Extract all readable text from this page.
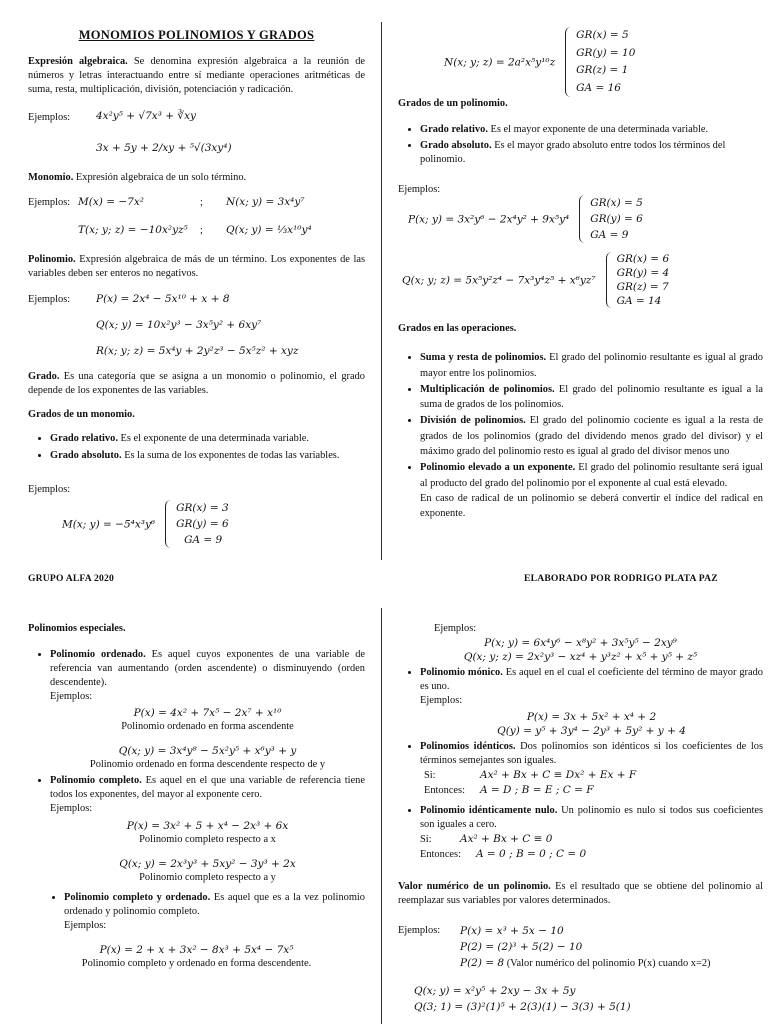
MONOMIOS POLINOMIOS Y GRADOS

Expresión algebraica. Se denomina expresión algebraica a la reunión de números y letras interactuando entre sí mediante operaciones aritméticas de suma, resta, multiplicación, división, potenciación y radicación.

Ejemplos: 4x²y⁵ + √7x³ + ∛xy
3x + 5y + 2/xy + ⁵√(3xy⁴)

Monomio. Expresión algebraica de un solo término.

Ejemplos: M(x) = −7x²	; N(x; y) = 3x⁴y⁷
T(x; y; z) = −10x²yz⁵ ; Q(x; y) = ⅓x¹⁰y⁴

Polinomio. Expresión algebraica de más de un término. Los exponentes de las variables deben ser enteros no negativos.

Ejemplos: P(x) = 2x⁴ − 5x¹⁰ + x + 8
Q(x; y) = 10x²y³ − 3x⁵y² + 6xy⁷
R(x; y; z) = 5x⁴y + 2y²z³ − 5x⁵z² + xyz

Grado. Es una categoría que se asigna a un monomio o polinomio, el grado depende de los exponentes de las variables.

Grados de un monomio.

• Grado relativo. Es el exponente de una determinada variable.
• Grado absoluto. Es la suma de los exponentes de todas las variables.
Ejemplos:
M(x; y) = −5⁴x³y⁶
GR(x) = 3
GR(y) = 6
GA = 9
N(x; y; z) = 2a²x⁵y¹⁰z
GR(x) = 5
GR(y) = 10
GR(z) = 1
GA = 16

Grados de un polinomio.

• Grado relativo. Es el mayor exponente de una determinada variable.
• Grado absoluto. Es el mayor grado absoluto entre todos los términos del polinomio.

Ejemplos:

P(x; y) = 3x²y⁶ − 2x⁴y² + 9x⁵y⁴
GR(x) = 5
GR(y) = 6
GA = 9
Q(x; y; z) = 5x⁵y²z⁴ − 7x³y⁴z⁵ + x⁶yz⁷
GR(x) = 6
GR(y) = 4
GR(z) = 7
GA = 14

Grados en las operaciones.

• Suma y resta de polinomios. El grado del polinomio resultante es igual al grado mayor entre los polinomios.

• Multiplicación de polinomios. El grado del polinomio resultante es igual a la suma de grados de los polinomios.

• División de polinomios. El grado del polinomio cociente es igual a la resta de grados de los polinomios (grado del dividendo menos grado del divisor) y el máximo grado del polinomio resto es igual al grado del divisor menos uno

• Polinomio elevado a un exponente. El grado del polinomio resultante será igual al producto del grado del polinomio por el exponente al cual está elevado.

En caso de radical de un polinomio se deberá convertir el índice del radical en exponente.

GRUPO ALFA 2020	ELABORADO POR RODRIGO PLATA PAZ

Polinomios especiales.

• Polinomio ordenado. Es aquel cuyos exponentes de una variable de referencia van aumentando (orden ascendente) o disminuyendo (orden descendente).

Ejemplos:

P(x) = 4x² + 7x⁵ − 2x⁷ + x¹⁰

Polinomio ordenado en forma ascendente

Q(x; y) = 3x⁴y⁸ − 5x²y⁵ + x⁶y³ + y

Polinomio ordenado en forma descendente respecto de y

• Polinomio completo. Es aquel en el que una variable de referencia tiene todos los exponentes, del mayor al exponente cero.

Ejemplos:

P(x) = 3x² + 5 + x⁴ − 2x³ + 6x

Polinomio completo respecto a x

Q(x; y) = 2x³y³ + 5xy² − 3y³ + 2x

Polinomio completo respecto a y

• Polinomio completo y ordenado. Es aquel que es a la vez polinomio ordenado y polinomio completo.

Ejemplos:

P(x) = 2 + x + 3x² − 8x³ + 5x⁴ − 7x⁵

Polinomio completo y ordenado en forma descendente.

Ejemplos:

P(x; y) = 6x⁴y⁶ − x⁸y² + 3x⁵y⁵ − 2xy⁹

Q(x; y; z) = 2x²y³ − xz⁴ + y³z² + x⁵ + y⁵ + z⁵

• Polinomio mónico. Es aquel en el cual el coeficiente del término de mayor grado es uno.

Ejemplos:

P(x) = 3x + 5x² + x⁴ + 2

Q(y) = y⁵ + 3y⁴ − 2y³ + 5y² + y + 4

• Polinomios idénticos. Dos polinomios son idénticos si los coeficientes de los términos semejantes son iguales.

Si:	Ax² + Bx + C ≡ Dx² + Ex + F

Entonces: A = D ; B = E ; C = F

• Polinomio idénticamente nulo. Un polinomio es nulo si todos sus coeficientes son iguales a cero.

Si:	Ax² + Bx + C ≡ 0

Entonces: A = 0 ; B = 0 ; C = 0

Valor numérico de un polinomio. Es el resultado que se obtiene del polinomio al reemplazar sus variables por valores determinados.

Ejemplos: P(x) = x³ + 5x − 10
P(2) = (2)³ + 5(2) − 10
P(2) = 8 (Valor numérico del polinomio P(x) cuando x=2)

Q(x; y) = x²y⁵ + 2xy − 3x + 5y

Q(3; 1) = (3)²(1)⁵ + 2(3)(1) − 3(3) + 5(1)
